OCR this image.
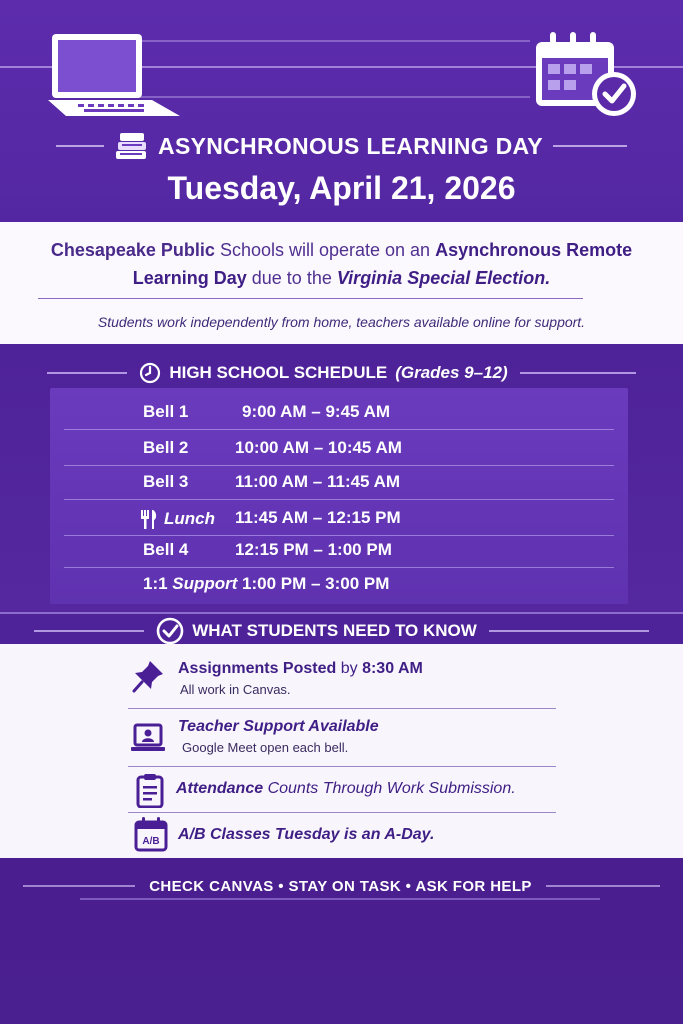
ASYNCHRONOUS LEARNING DAY
Tuesday, April 21, 2026
Chesapeake Public Schools will operate on an Asynchronous Remote
Learning Day due to the Virginia Special Election.
Students work independently from home, teachers available online for support.
HIGH SCHOOL SCHEDULE (Grades 9–12)
Bell 1	9:00 AM – 9:45 AM
Bell 2	10:00 AM – 10:45 AM
Bell 3	11:00 AM – 11:45 AM
Lunch 11:45 AM – 12:15 PM
Bell 4	12:15 PM – 1:00 PM
1:1 Support 1:00 PM – 3:00 PM
WHAT STUDENTS NEED TO KNOW
Assignments Posted by 8:30 AM
All work in Canvas.
Teacher Support Available
Google Meet open each bell.
Attendance Counts Through Work Submission.
A/B A/B Classes Tuesday is an A-Day.
CHECK CANVAS • STAY ON TASK • ASK FOR HELP
